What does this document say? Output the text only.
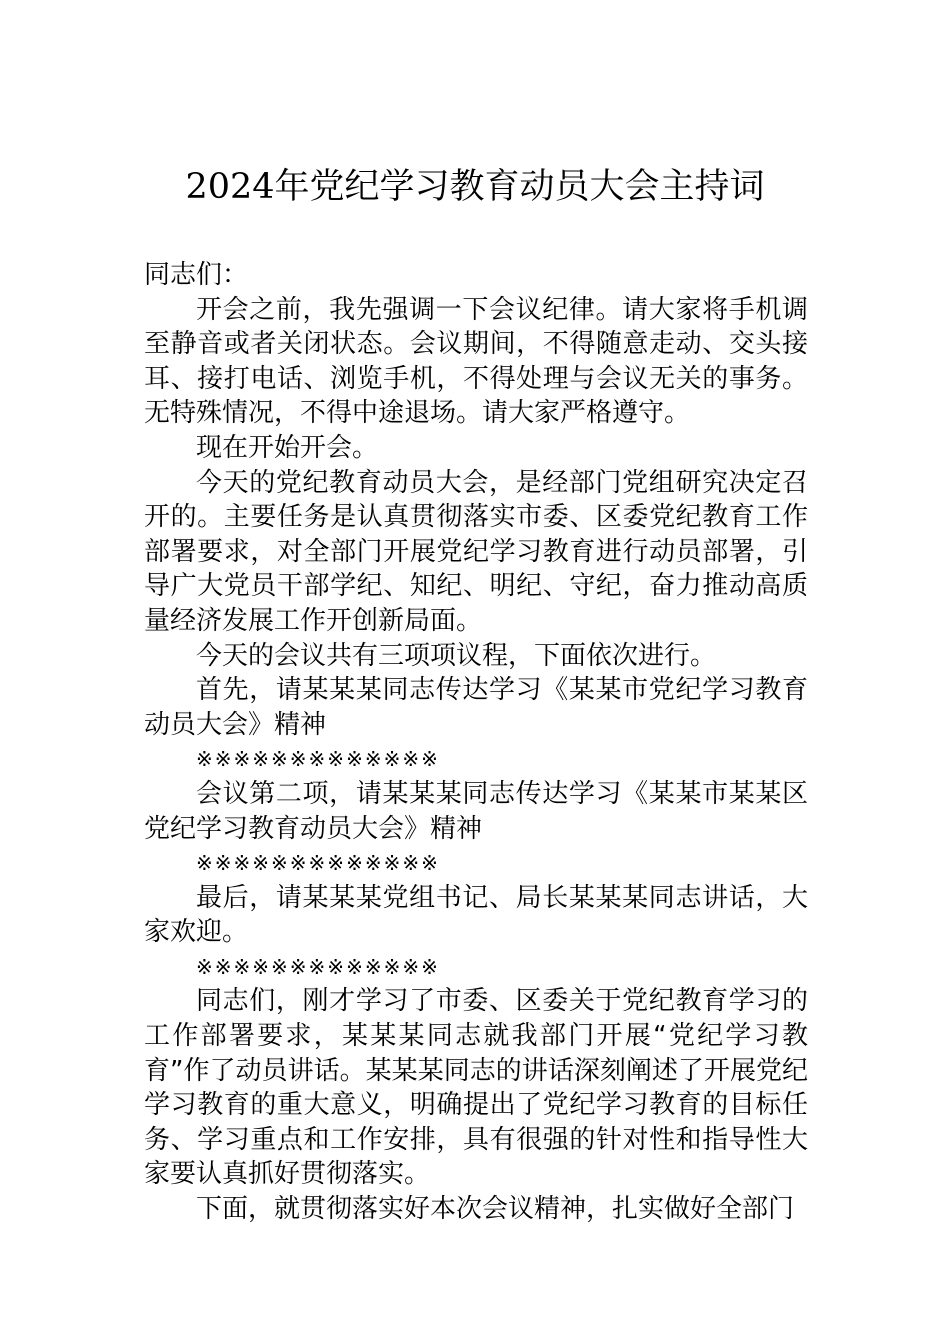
2024年党纪学习教育动员大会主持词

同志们：

开会之前，我先强调一下会议纪律。请大家将手机调至静音或者关闭状态。会议期间，不得随意走动、交头接耳、接打电话、浏览手机，不得处理与会议无关的事务。无特殊情况，不得中途退场。请大家严格遵守。

现在开始开会。

今天的党纪教育动员大会，是经部门党组研究决定召开的。主要任务是认真贯彻落实市委、区委党纪教育工作部署要求，对全部门开展党纪学习教育进行动员部署，引导广大党员干部学纪、知纪、明纪、守纪，奋力推动高质量经济发展工作开创新局面。

今天的会议共有三项项议程，下面依次进行。

首先，请某某某同志传达学习《某某市党纪学习教育动员大会》精神

※※※※※※※※※※※※※

会议第二项，请某某某同志传达学习《某某市某某区党纪学习教育动员大会》精神

※※※※※※※※※※※※※

最后，请某某某党组书记、局长某某某同志讲话，大家欢迎。

※※※※※※※※※※※※※

同志们，刚才学习了市委、区委关于党纪教育学习的工作部署要求，某某某同志就我部门开展“党纪学习教育”作了动员讲话。某某某同志的讲话深刻阐述了开展党纪学习教育的重大意义，明确提出了党纪学习教育的目标任务、学习重点和工作安排，具有很强的针对性和指导性大家要认真抓好贯彻落实。

下面，就贯彻落实好本次会议精神，扎实做好全部门
